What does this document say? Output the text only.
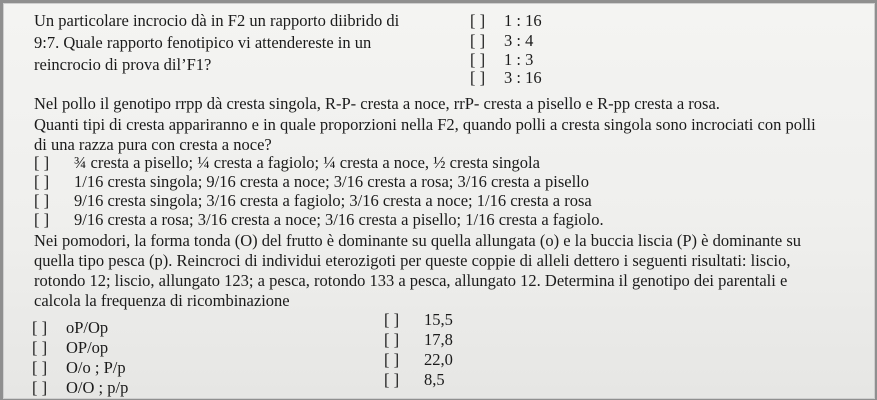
Un particolare incrocio dà in F2 un rapporto diibrido di
9:7. Quale rapporto fenotipico vi attendereste in un
reincrocio di prova dil’F1?
[ ] 1 : 16
[ ] 3 : 4
[ ] 1 : 3
[ ] 3 : 16
Nel pollo il genotipo rrpp dà cresta singola, R-P- cresta a noce, rrP- cresta a pisello e R-pp cresta a rosa.
Quanti tipi di cresta appariranno e in quale proporzioni nella F2, quando polli a cresta singola sono incrociati con polli
di una razza pura con cresta a noce?
[ ] ¾ cresta a pisello; ¼ cresta a fagiolo; ¼ cresta a noce, ½ cresta singola
[ ] 1/16 cresta singola; 9/16 cresta a noce; 3/16 cresta a rosa; 3/16 cresta a pisello
[ ] 9/16 cresta singola; 3/16 cresta a fagiolo; 3/16 cresta a noce; 1/16 cresta a rosa
[ ] 9/16 cresta a rosa; 3/16 cresta a noce; 3/16 cresta a pisello; 1/16 cresta a fagiolo.
Nei pomodori, la forma tonda (O) del frutto è dominante su quella allungata (o) e la buccia liscia (P) è dominante su
quella tipo pesca (p). Reincroci di individui eterozigoti per queste coppie di alleli dettero i seguenti risultati: liscio,
rotondo 12; liscio, allungato 123; a pesca, rotondo 133 a pesca, allungato 12. Determina il genotipo dei parentali e
calcola la frequenza di ricombinazione
[ ] oP/Op
[ ] OP/op
[ ] O/o ; P/p
[ ] O/O ; p/p
[ ] 15,5
[ ] 17,8
[ ] 22,0
[ ] 8,5
